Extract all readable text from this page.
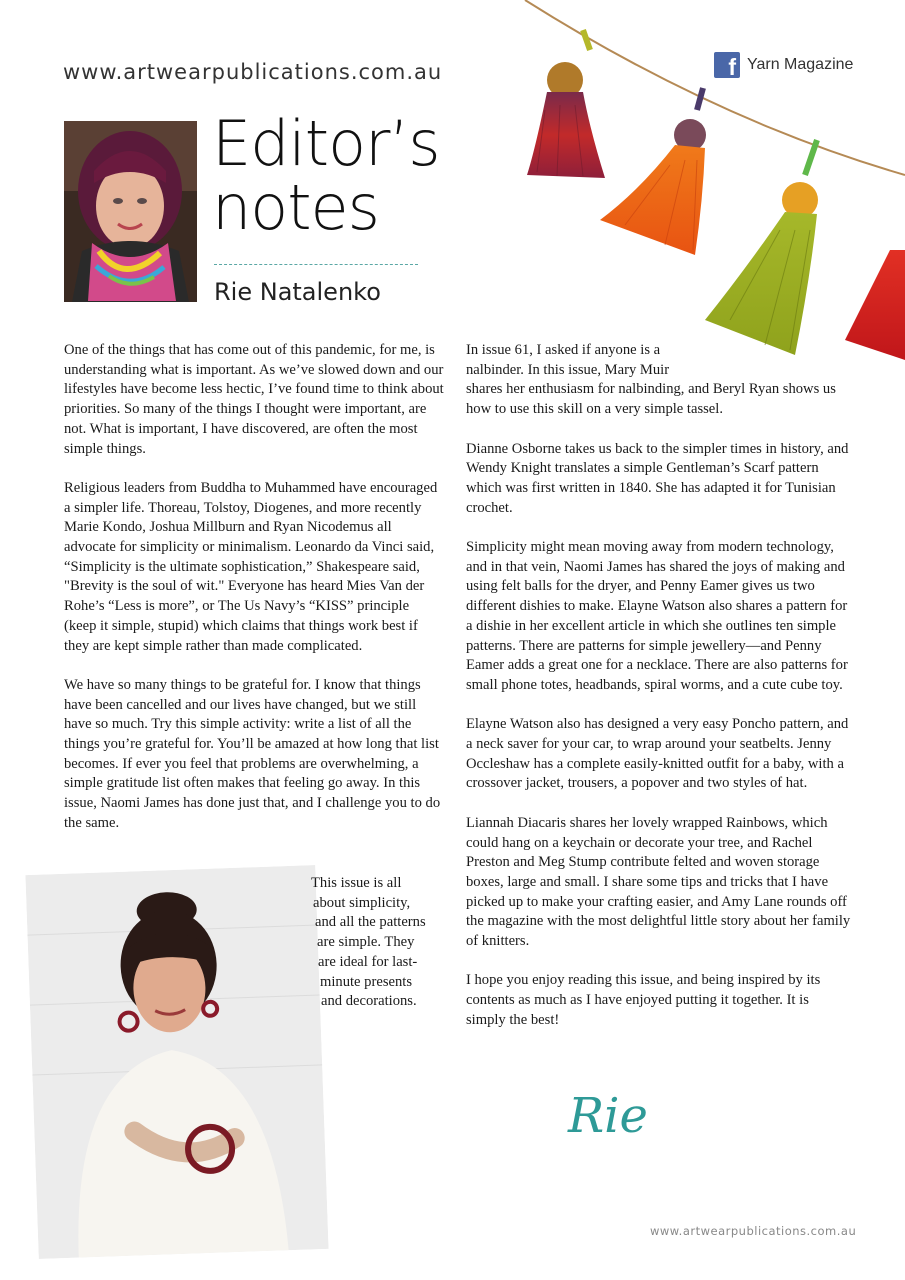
www.artwearpublications.com.au	f Yarn Magazine
Editor’s
notes
Rie Natalenko

One of the things that has come out of this pandemic, for me, is understanding what is important. As we’ve slowed down and our lifestyles have become less hectic, I’ve found time to think about priorities. So many of the things I thought were important, are not. What is important, I have discovered, are often the most simple things.

Religious leaders from Buddha to Muhammed have encouraged a simpler life. Thoreau, Tolstoy, Diogenes, and more recently Marie Kondo, Joshua Millburn and Ryan Nicodemus all advocate for simplicity or minimalism. Leonardo da Vinci said, “Simplicity is the ultimate sophistication,” Shakespeare said, "Brevity is the soul of wit." Everyone has heard Mies Van der Rohe’s “Less is more”, or The Us Navy’s “KISS” principle (keep it simple, stupid) which claims that things work best if they are kept simple rather than made complicated.

We have so many things to be grateful for. I know that things have been cancelled and our lives have changed, but we still have so much. Try this simple activity: write a list of all the things you’re grateful for. You’ll be amazed at how long that list becomes. If ever you feel that problems are overwhelming, a simple gratitude list often makes that feeling go away. In this issue, Naomi James has done just that, and I challenge you to do the same.

This issue is all
about simplicity,
and all the patterns
are simple. They
are ideal for last-
minute presents
and decorations.
In issue 61, I asked if anyone is a
nalbinder. In this issue, Mary Muir

shares her enthusiasm for nalbinding, and Beryl Ryan shows us how to use this skill on a very simple tassel.

Dianne Osborne takes us back to the simpler times in history, and Wendy Knight translates a simple Gentleman’s Scarf pattern which was first written in 1840. She has adapted it for Tunisian crochet.

Simplicity might mean moving away from modern technology, and in that vein, Naomi James has shared the joys of making and using felt balls for the dryer, and Penny Eamer gives us two different dishies to make. Elayne Watson also shares a pattern for a dishie in her excellent article in which she outlines ten simple patterns. There are patterns for simple jewellery—and Penny Eamer adds a great one for a necklace. There are also patterns for small phone totes, headbands, spiral worms, and a cute cube toy.

Elayne Watson also has designed a very easy Poncho pattern, and a neck saver for your car, to wrap around your seatbelts. Jenny Occleshaw has a complete easily-knitted outfit for a baby, with a crossover jacket, trousers, a popover and two styles of hat.

Liannah Diacaris shares her lovely wrapped Rainbows, which could hang on a keychain or decorate your tree, and Rachel Preston and Meg Stump contribute felted and woven storage boxes, large and small. I share some tips and tricks that I have picked up to make your crafting easier, and Amy Lane rounds off the magazine with the most delightful little story about her family of knitters.

I hope you enjoy reading this issue, and being inspired by its contents as much as I have enjoyed putting it together. It is simply the best!

Rie
www.artwearpublications.com.au
